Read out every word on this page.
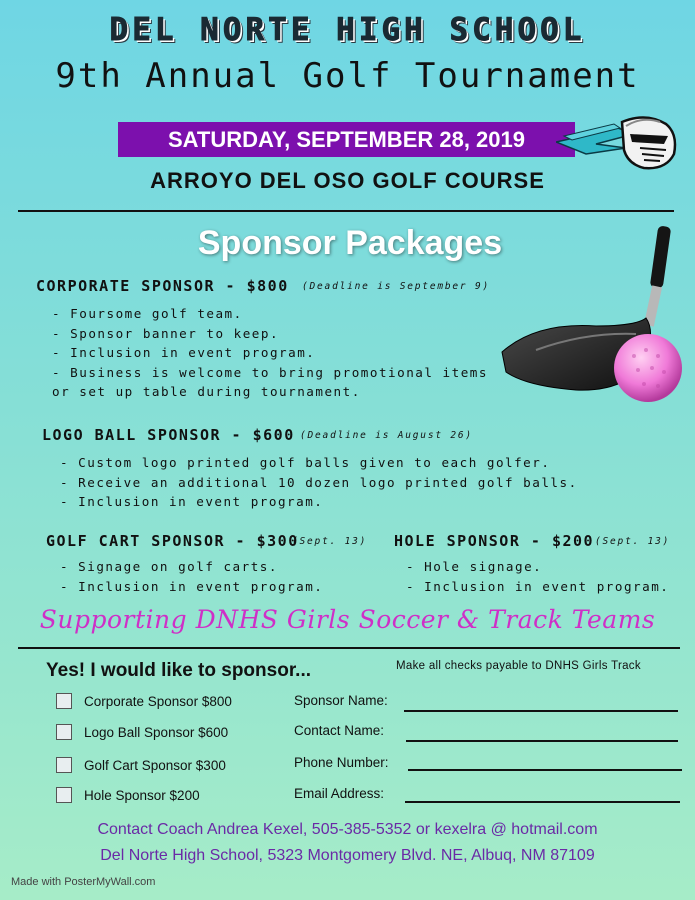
DEL NORTE HIGH SCHOOL
9th Annual Golf Tournament
SATURDAY, SEPTEMBER 28, 2019
ARROYO DEL OSO GOLF COURSE
Sponsor Packages
CORPORATE SPONSOR - $800 (Deadline is September 9)
- Foursome golf team.
- Sponsor banner to keep.
- Inclusion in event program.
- Business is welcome to bring promotional items
or set up table during tournament.
LOGO BALL SPONSOR - $600 (Deadline is August 26)
- Custom logo printed golf balls given to each golfer.
- Receive an additional 10 dozen logo printed golf balls.
- Inclusion in event program.
GOLF CART SPONSOR - $300
(Sept. 13)
- Signage on golf carts.
- Inclusion in event program.
HOLE SPONSOR - $200 (Sept. 13)
- Hole signage.
- Inclusion in event program.
Supporting DNHS Girls Soccer & Track Teams
Yes! I would like to sponsor...	Make all checks payable to DNHS Girls Track
Corporate Sponsor $800
Logo Ball Sponsor $600
Golf Cart Sponsor $300
Hole Sponsor $200
Sponsor Name:
Contact Name:
Phone Number:
Email Address:
Contact Coach Andrea Kexel, 505-385-5352 or kexelra @ hotmail.com
Del Norte High School, 5323 Montgomery Blvd. NE, Albuq, NM 87109
Made with PosterMyWall.com
